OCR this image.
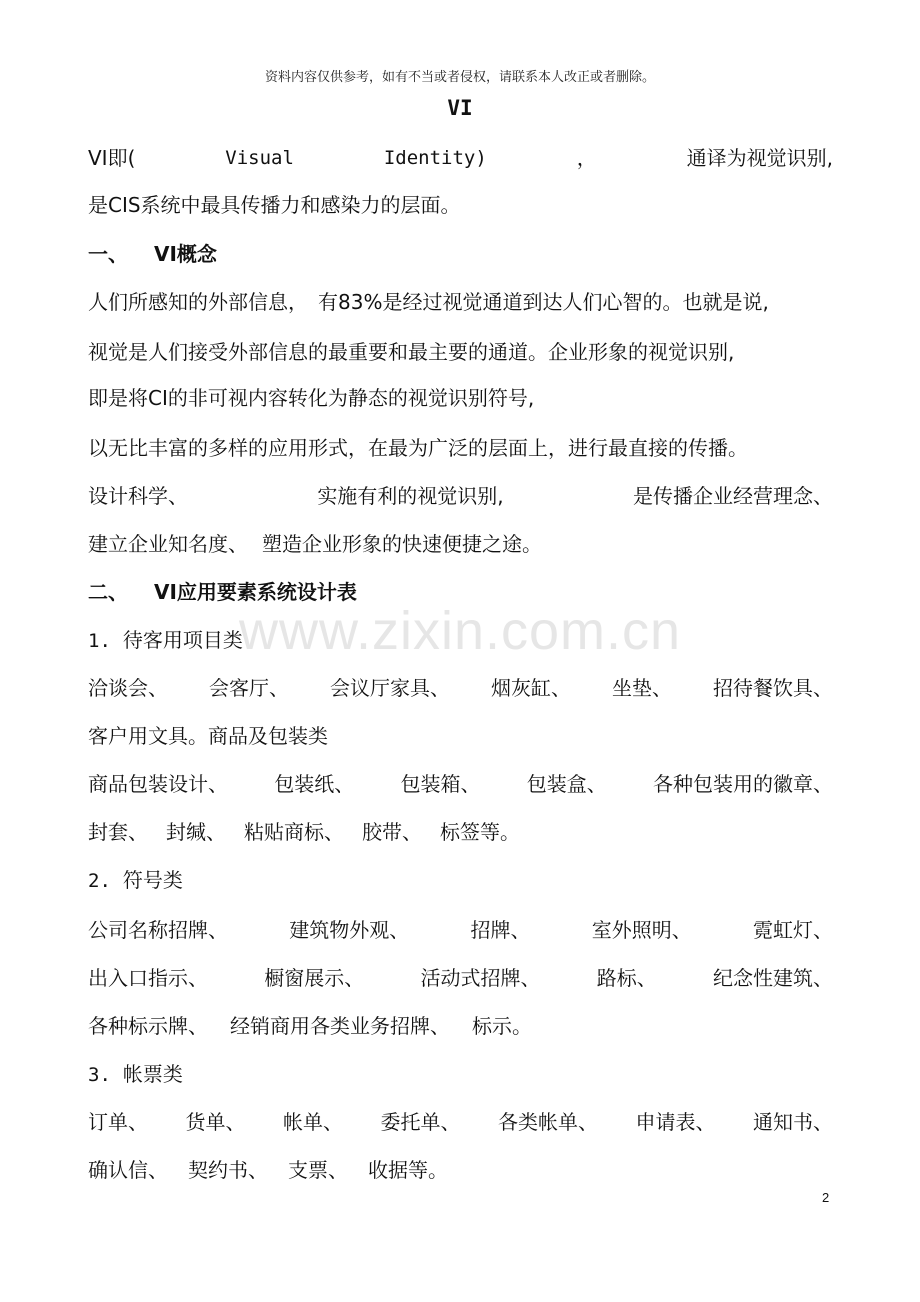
www.zixin.com.cn
资料内容仅供参考，如有不当或者侵权，请联系本人改正或者删除。
VI
VI即(	Visual	Identity)	，	通译为视觉识别,
是CIS系统中最具传播力和感染力的层面。
一、 VI概念
人们所感知的外部信息， 有83%是经过视觉通道到达人们心智的。也就是说,
视觉是人们接受外部信息的最重要和最主要的通道。企业形象的视觉识别,
即是将CI的非可视内容转化为静态的视觉识别符号,
以无比丰富的多样的应用形式，在最为广泛的层面上，进行最直接的传播。
设计科学、	实施有利的视觉识别,	是传播企业经营理念、
建立企业知名度、 塑造企业形象的快速便捷之途。
二、 VI应用要素系统设计表
1. 待客用项目类
洽谈会、 会客厅、 会议厅家具、 烟灰缸、 坐垫、 招待餐饮具、
客户用文具。商品及包装类
商品包装设计、 包装纸、 包装箱、 包装盒、 各种包装用的徽章、
封套、 封缄、 粘贴商标、 胶带、 标签等。
2. 符号类
公司名称招牌、	建筑物外观、	招牌、	室外照明、	霓虹灯、
出入口指示、	橱窗展示、	活动式招牌、	路标、	纪念性建筑、
各种标示牌、 经销商用各类业务招牌、 标示。
3. 帐票类
订单、 货单、 帐单、 委托单、 各类帐单、 申请表、 通知书、
确认信、 契约书、 支票、 收据等。
2
